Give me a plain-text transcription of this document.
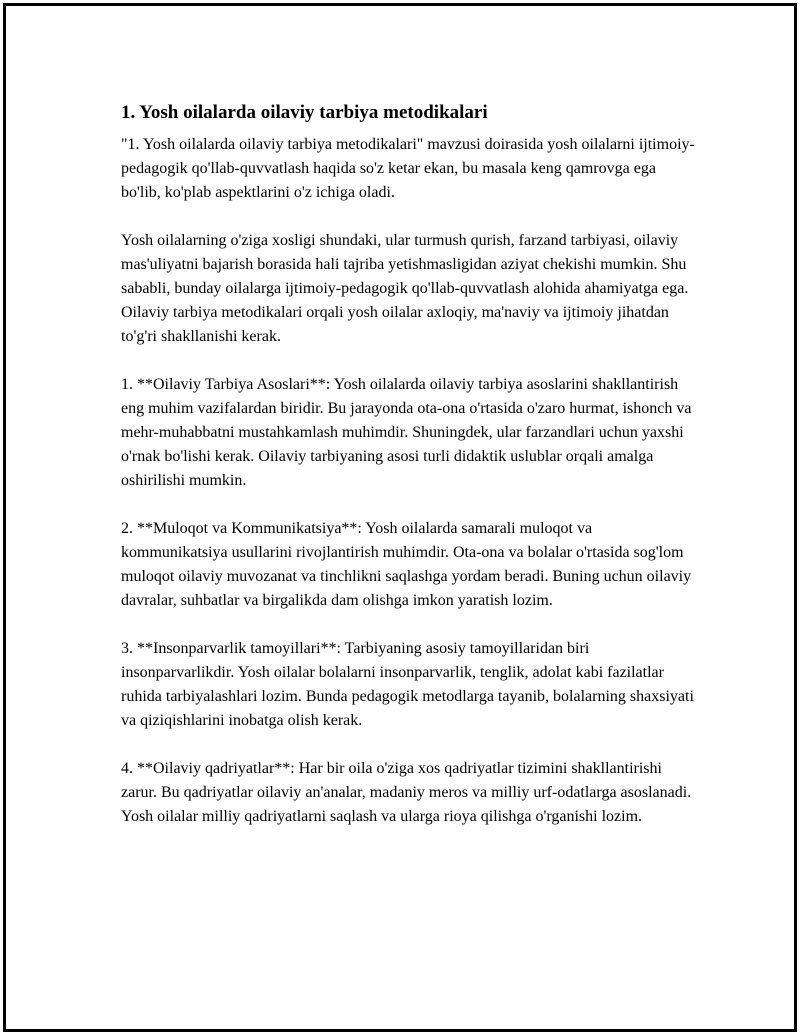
1. Yosh oilalarda oilaviy tarbiya metodikalari

"1. Yosh oilalarda oilaviy tarbiya metodikalari" mavzusi doirasida yosh oilalarni ijtimoiy-pedagogik qo'llab-quvvatlash haqida so'z ketar ekan, bu masala keng qamrovga ega bo'lib, ko'plab aspektlarini o'z ichiga oladi.

Yosh oilalarning o'ziga xosligi shundaki, ular turmush qurish, farzand tarbiyasi, oilaviy mas'uliyatni bajarish borasida hali tajriba yetishmasligidan aziyat chekishi mumkin. Shu sababli, bunday oilalarga ijtimoiy-pedagogik qo'llab-quvvatlash alohida ahamiyatga ega. Oilaviy tarbiya metodikalari orqali yosh oilalar axloqiy, ma'naviy va ijtimoiy jihatdan to'g'ri shakllanishi kerak.

1. **Oilaviy Tarbiya Asoslari**: Yosh oilalarda oilaviy tarbiya asoslarini shakllantirish eng muhim vazifalardan biridir. Bu jarayonda ota-ona o'rtasida o'zaro hurmat, ishonch va mehr-muhabbatni mustahkamlash muhimdir. Shuningdek, ular farzandlari uchun yaxshi o'rnak bo'lishi kerak. Oilaviy tarbiyaning asosi turli didaktik uslublar orqali amalga oshirilishi mumkin.

2. **Muloqot va Kommunikatsiya**: Yosh oilalarda samarali muloqot va kommunikatsiya usullarini rivojlantirish muhimdir. Ota-ona va bolalar o'rtasida sog'lom muloqot oilaviy muvozanat va tinchlikni saqlashga yordam beradi. Buning uchun oilaviy davralar, suhbatlar va birgalikda dam olishga imkon yaratish lozim.

3. **Insonparvarlik tamoyillari**: Tarbiyaning asosiy tamoyillaridan biri insonparvarlikdir. Yosh oilalar bolalarni insonparvarlik, tenglik, adolat kabi fazilatlar ruhida tarbiyalashlari lozim. Bunda pedagogik metodlarga tayanib, bolalarning shaxsiyati va qiziqishlarini inobatga olish kerak.

4. **Oilaviy qadriyatlar**: Har bir oila o'ziga xos qadriyatlar tizimini shakllantirishi zarur. Bu qadriyatlar oilaviy an'analar, madaniy meros va milliy urf-odatlarga asoslanadi. Yosh oilalar milliy qadriyatlarni saqlash va ularga rioya qilishga o'rganishi lozim.
